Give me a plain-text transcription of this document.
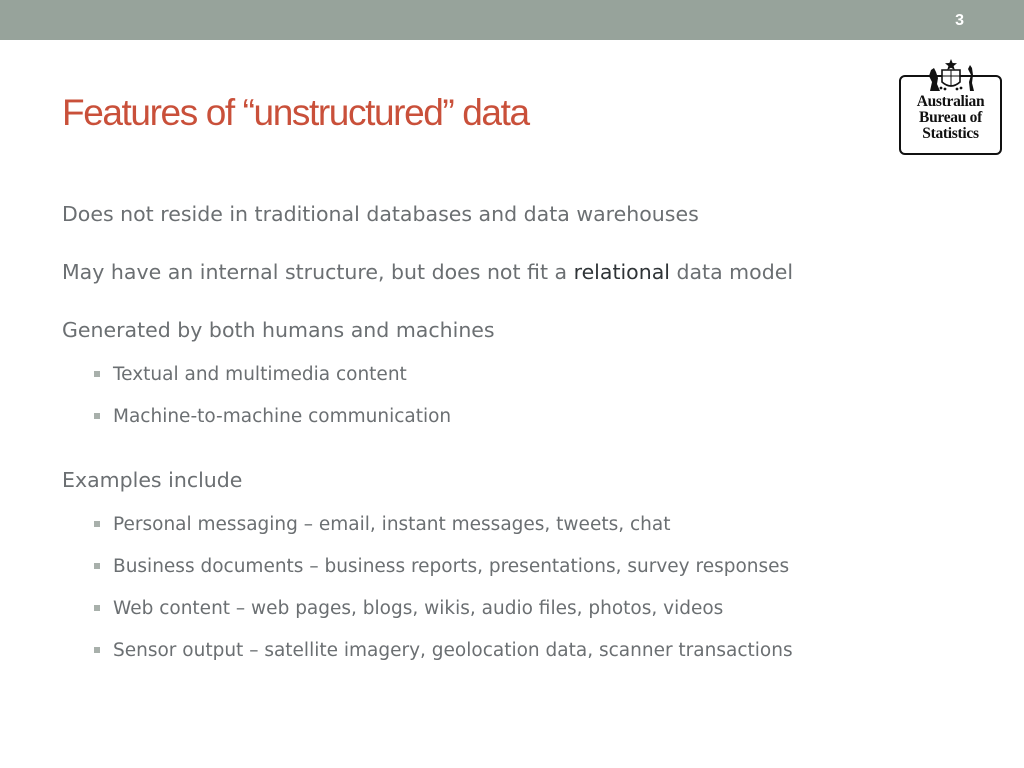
3
Features of “unstructured” data	Australian
Bureau of
Statistics

Does not reside in traditional databases and data warehouses

May have an internal structure, but does not fit a relational data model

Generated by both humans and machines

Textual and multimedia content
Machine-to-machine communication

Examples include

Personal messaging – email, instant messages, tweets, chat
Business documents – business reports, presentations, survey responses
Web content – web pages, blogs, wikis, audio files, photos, videos
Sensor output – satellite imagery, geolocation data, scanner transactions
